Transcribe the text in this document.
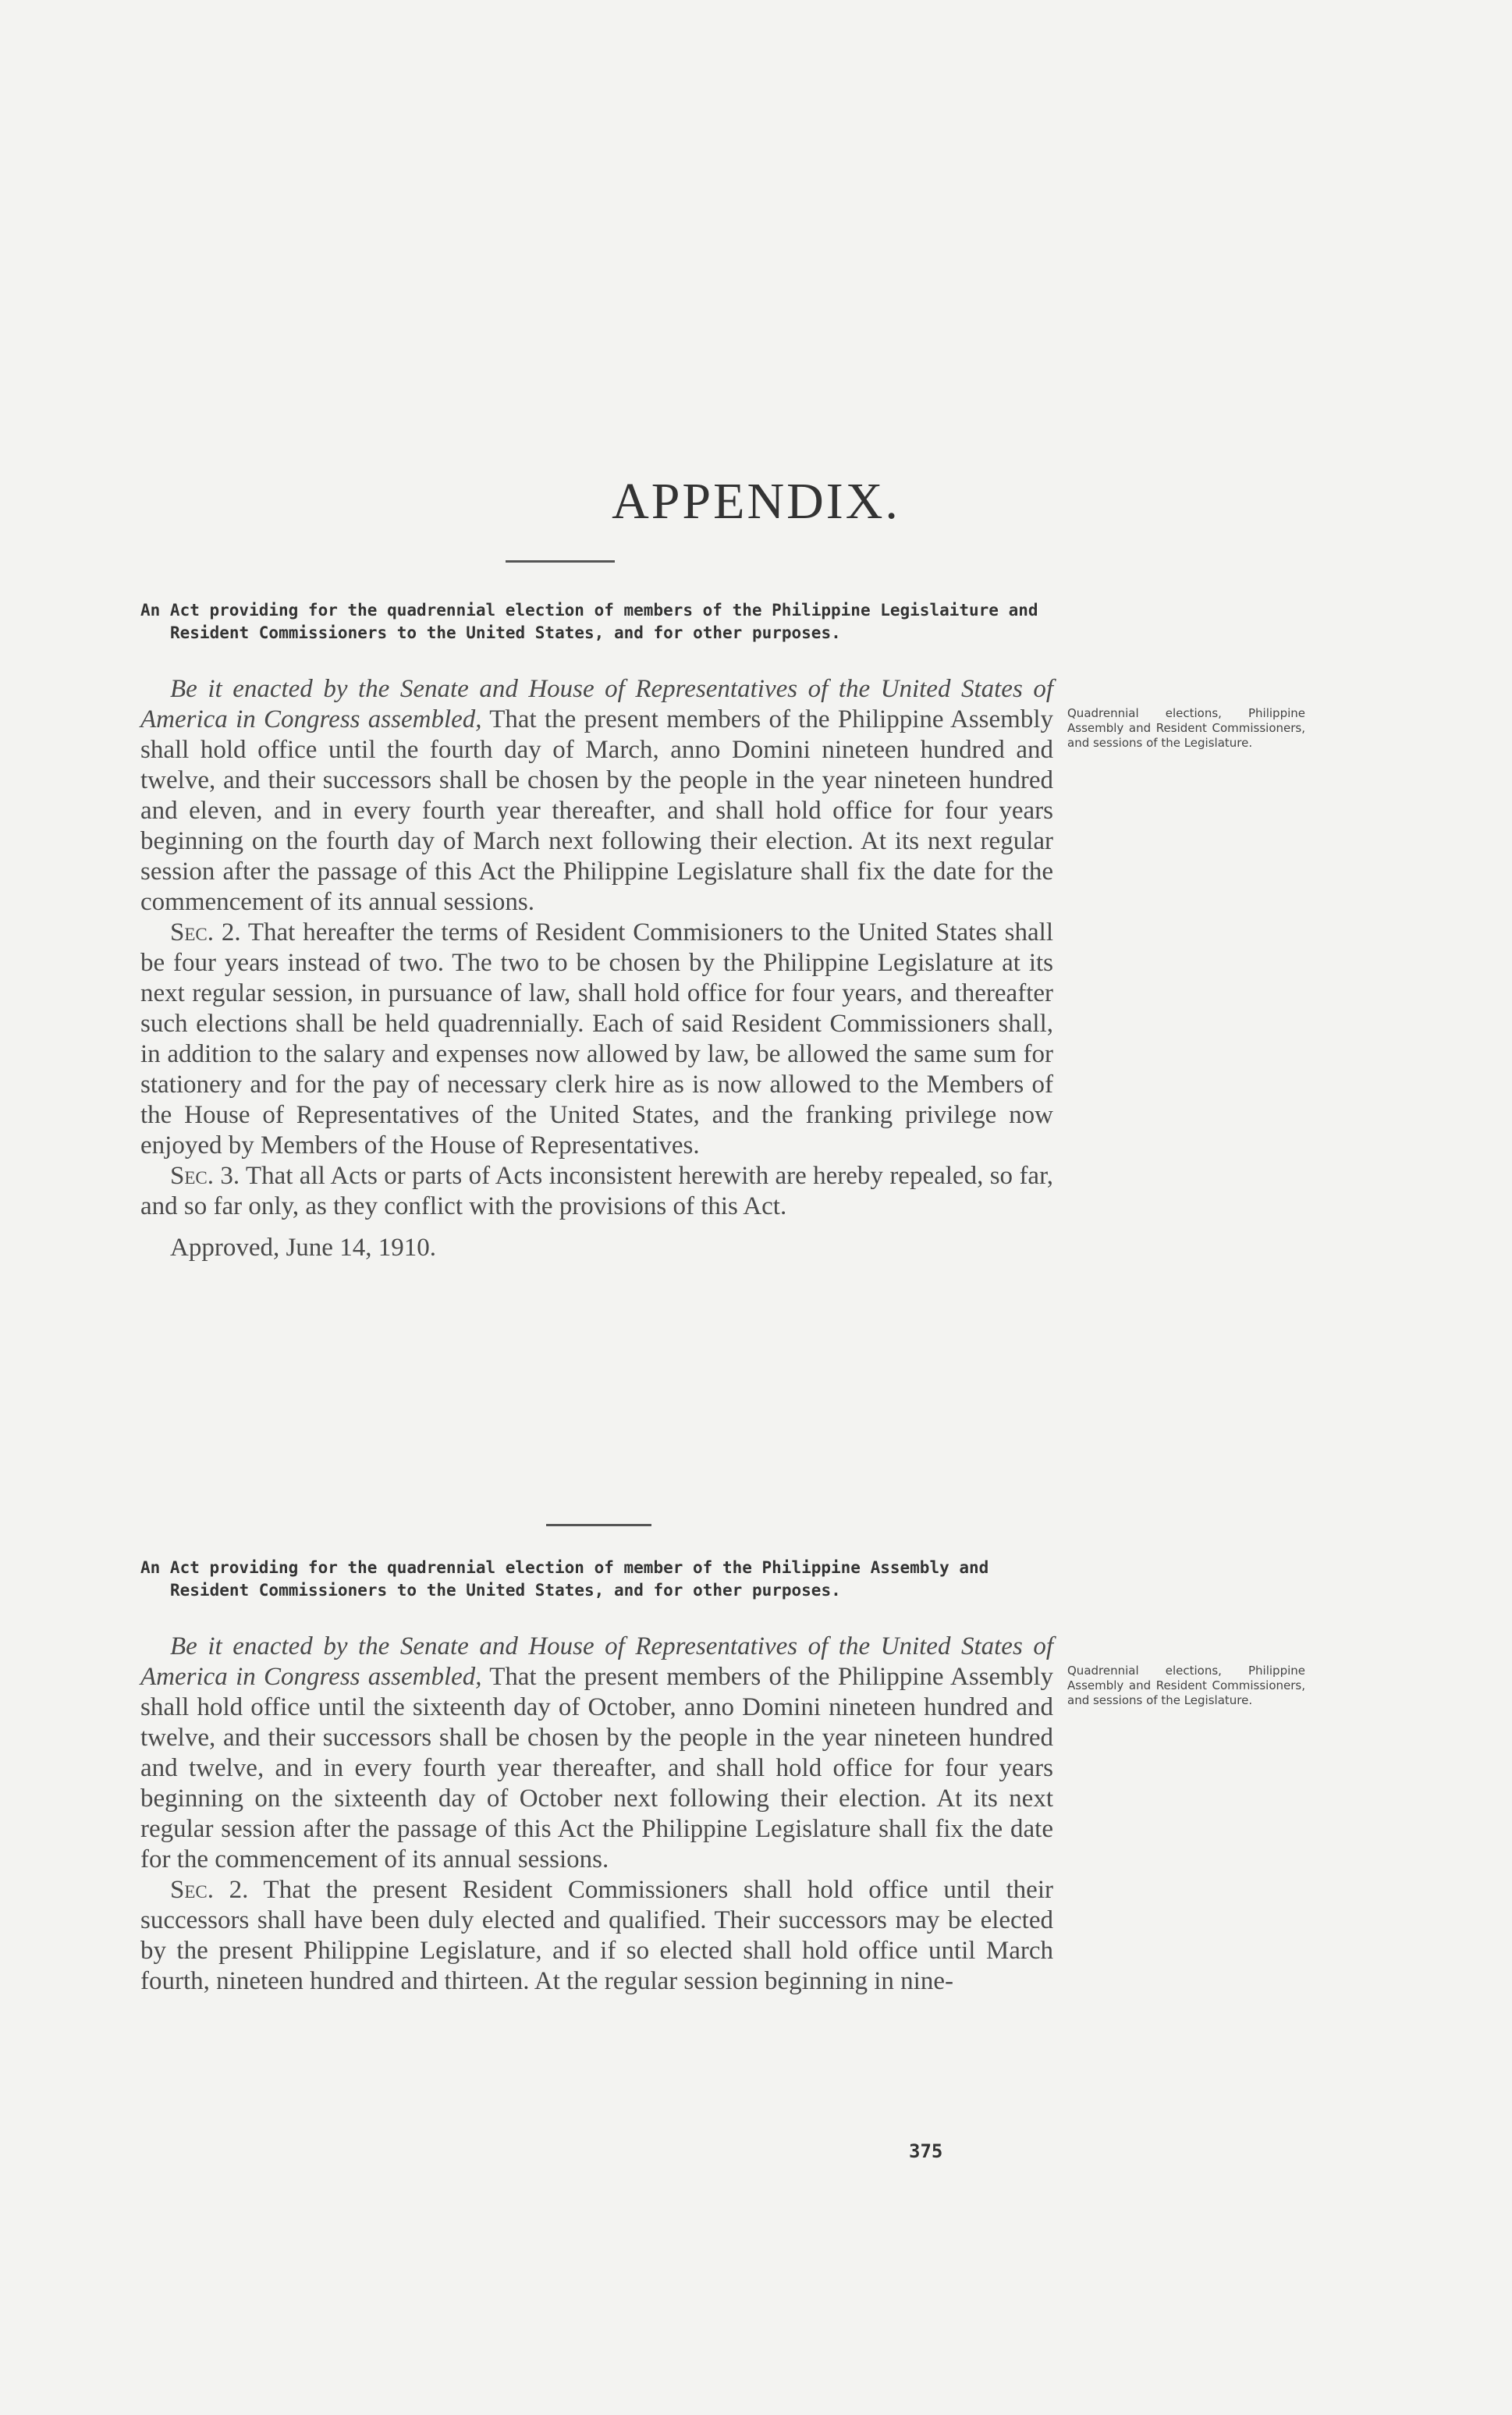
APPENDIX.

An Act providing for the quadrennial election of members of the Philippine Legislaiture and Resident Commissioners to the United States, and for other purposes.

Be it enacted by the Senate and House of Representatives of the United States of America in Congress assembled, That the present members of the Philippine Assembly shall hold office until the fourth day of March, anno Domini nineteen hundred and twelve, and their successors shall be chosen by the people in the year nineteen hundred and eleven, and in every fourth year thereafter, and shall hold office for four years beginning on the fourth day of March next following their election. At its next regular session after the passage of this Act the Philippine Legislature shall fix the date for the commencement of its annual sessions.

Sec. 2. That hereafter the terms of Resident Commisioners to the United States shall be four years instead of two. The two to be chosen by the Philippine Legislature at its next regular session, in pursuance of law, shall hold office for four years, and thereafter such elections shall be held quadrennially. Each of said Resident Commissioners shall, in addition to the salary and expenses now allowed by law, be allowed the same sum for stationery and for the pay of necessary clerk hire as is now allowed to the Members of the House of Representatives of the United States, and the franking privilege now enjoyed by Members of the House of Representatives.

Sec. 3. That all Acts or parts of Acts inconsistent herewith are hereby repealed, so far, and so far only, as they conflict with the provisions of this Act.

Approved, June 14, 1910.

Quadrennial elections, Philippine Assembly and Resident Commissioners, and sessions of the Legislature.

An Act providing for the quadrennial election of member of the Philippine Assembly and Resident Commissioners to the United States, and for other purposes.

Be it enacted by the Senate and House of Representatives of the United States of America in Congress assembled, That the present members of the Philippine Assembly shall hold office until the sixteenth day of October, anno Domini nineteen hundred and twelve, and their successors shall be chosen by the people in the year nineteen hundred and twelve, and in every fourth year thereafter, and shall hold office for four years beginning on the sixteenth day of October next following their election. At its next regular session after the passage of this Act the Philippine Legislature shall fix the date for the commencement of its annual sessions.

Sec. 2. That the present Resident Commissioners shall hold office until their successors shall have been duly elected and qualified. Their successors may be elected by the present Philippine Legislature, and if so elected shall hold office until March fourth, nineteen hundred and thirteen. At the regular session beginning in nine-

Quadrennial elections, Philippine Assembly and Resident Commissioners, and sessions of the Legislature.

375
